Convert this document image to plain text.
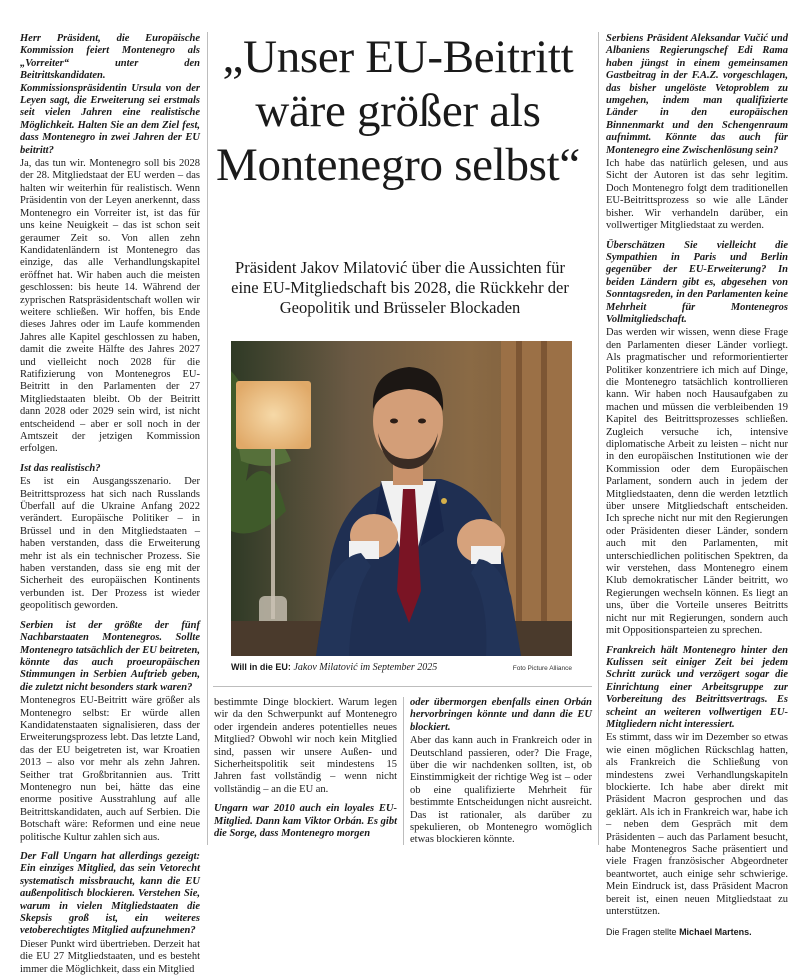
Herr Präsident, die Europäische Kommission feiert Montenegro als „Vorreiter“ unter den Beitrittskandidaten. Kommissionspräsidentin Ursula von der Leyen sagt, die Erweiterung sei erstmals seit vielen Jahren eine realistische Möglichkeit. Halten Sie an dem Ziel fest, dass Montenegro in zwei Jahren der EU beitritt?

Ja, das tun wir. Montenegro soll bis 2028 der 28. Mitgliedstaat der EU werden – das halten wir weiterhin für realistisch. Wenn Präsidentin von der Leyen anerkennt, dass Montenegro ein Vorreiter ist, ist das für uns keine Neuigkeit – das ist schon seit geraumer Zeit so. Von allen zehn Kandidatenländern ist Montenegro das einzige, das alle Verhandlungskapitel eröffnet hat. Wir haben auch die meisten geschlossen: bis heute 14. Während der zyprischen Ratspräsidentschaft wollen wir weitere schließen. Wir hoffen, bis Ende dieses Jahres oder im Laufe kommenden Jahres alle Kapitel geschlossen zu haben, damit die zweite Hälfte des Jahres 2027 und vielleicht noch 2028 für die Ratifizierung von Montenegros EU-Beitritt in den Parlamenten der 27 Mitgliedstaaten bleibt. Ob der Beitritt dann 2028 oder 2029 sein wird, ist nicht entscheidend – aber er soll noch in der Amtszeit der jetzigen Kommission erfolgen.

Ist das realistisch?

Es ist ein Ausgangsszenario. Der Beitrittsprozess hat sich nach Russlands Überfall auf die Ukraine Anfang 2022 verändert. Europäische Politiker – in Brüssel und in den Mitgliedstaaten – haben verstanden, dass die Erweiterung mehr ist als ein technischer Prozess. Sie haben verstanden, dass sie eng mit der Sicherheit des europäischen Kontinents verbunden ist. Der Prozess ist wieder geopolitisch geworden.

Serbien ist der größte der fünf Nachbarstaaten Montenegros. Sollte Montenegro tatsächlich der EU beitreten, könnte das auch proeuropäischen Stimmungen in Serbien Auftrieb geben, die zuletzt nicht besonders stark waren?

Montenegros EU-Beitritt wäre größer als Montenegro selbst: Er würde allen Kandidatenstaaten signalisieren, dass der Erweiterungsprozess lebt. Das letzte Land, das der EU beigetreten ist, war Kroatien 2013 – also vor mehr als zehn Jahren. Seither trat Großbritannien aus. Tritt Montenegro nun bei, hätte das eine enorme positive Ausstrahlung auf alle Beitrittskandidaten, auch auf Serbien. Die Botschaft wäre: Reformen und eine neue politische Kultur zahlen sich aus.

Der Fall Ungarn hat allerdings gezeigt: Ein einziges Mitglied, das sein Vetorecht systematisch missbraucht, kann die EU außenpolitisch blockieren. Verstehen Sie, warum in vielen Mitgliedstaaten die Skepsis groß ist, ein weiteres vetoberechtigtes Mitglied aufzunehmen?

Dieser Punkt wird übertrieben. Derzeit hat die EU 27 Mitgliedstaaten, und es besteht immer die Möglichkeit, dass ein Mitglied

„Unser EU-Beitritt wäre größer als Montenegro selbst“

Präsident Jakov Milatović über die Aussichten für eine EU-Mitgliedschaft bis 2028, die Rückkehr der Geopolitik und Brüsseler Blockaden

Will in die EU: Jakov Milatović im September 2025	Foto Picture Alliance

bestimmte Dinge blockiert. Warum legen wir da den Schwerpunkt auf Montenegro oder irgendein anderes potentielles neues Mitglied? Obwohl wir noch kein Mitglied sind, passen wir unsere Außen- und Sicherheitspolitik seit mindestens 15 Jahren fast vollständig – wenn nicht vollständig – an die EU an.

Ungarn war 2010 auch ein loyales EU-Mitglied. Dann kam Viktor Orbán. Es gibt die Sorge, dass Montenegro morgen

oder übermorgen ebenfalls einen Orbán hervorbringen könnte und dann die EU blockiert.

Aber das kann auch in Frankreich oder in Deutschland passieren, oder? Die Frage, über die wir nachdenken sollten, ist, ob Einstimmigkeit der richtige Weg ist – oder ob eine qualifizierte Mehrheit für bestimmte Entscheidungen nicht ausreicht. Das ist rationaler, als darüber zu spekulieren, ob Montenegro womöglich etwas blockieren könnte.

Serbiens Präsident Aleksandar Vučić und Albaniens Regierungschef Edi Rama haben jüngst in einem gemeinsamen Gastbeitrag in der F.A.Z. vorgeschlagen, das bisher ungelöste Vetoproblem zu umgehen, indem man qualifizierte Länder in den europäischen Binnenmarkt und den Schengenraum aufnimmt. Könnte das auch für Montenegro eine Zwischenlösung sein?

Ich habe das natürlich gelesen, und aus Sicht der Autoren ist das sehr legitim. Doch Montenegro folgt dem traditionellen EU-Beitrittsprozess so wie alle Länder bisher. Wir verhandeln darüber, ein vollwertiger Mitgliedstaat zu werden.

Überschätzen Sie vielleicht die Sympathien in Paris und Berlin gegenüber der EU-Erweiterung? In beiden Ländern gibt es, abgesehen von Sonntagsreden, in den Parlamenten keine Mehrheit für Montenegros Vollmitgliedschaft.

Das werden wir wissen, wenn diese Frage den Parlamenten dieser Länder vorliegt. Als pragmatischer und reformorientierter Politiker konzentriere ich mich auf Dinge, die Montenegro tatsächlich kontrollieren kann. Wir haben noch Hausaufgaben zu machen und müssen die verbleibenden 19 Kapitel des Beitrittsprozesses schließen. Zugleich versuche ich, intensive diplomatische Arbeit zu leisten – nicht nur in den europäischen Institutionen wie der Kommission oder dem Europäischen Parlament, sondern auch in jedem der Mitgliedstaaten, denn die werden letztlich über unsere Mitgliedschaft entscheiden. Ich spreche nicht nur mit den Regierungen oder Präsidenten dieser Länder, sondern auch mit den Parlamenten, mit unterschiedlichen politischen Spektren, da wir verstehen, dass Montenegro einem Klub demokratischer Länder beitritt, wo Regierungen wechseln können. Es liegt an uns, über die Vorteile unseres Beitritts nicht nur mit Regierungen, sondern auch mit Oppositionsparteien zu sprechen.

Frankreich hält Montenegro hinter den Kulissen seit einiger Zeit bei jedem Schritt zurück und verzögert sogar die Einrichtung einer Arbeitsgruppe zur Vorbereitung des Beitrittsvertrags. Es scheint an weiteren vollwertigen EU-Mitgliedern nicht interessiert.

Es stimmt, dass wir im Dezember so etwas wie einen möglichen Rückschlag hatten, als Frankreich die Schließung von mindestens zwei Verhandlungskapiteln blockierte. Ich habe aber direkt mit Präsident Macron gesprochen und das geklärt. Als ich in Frankreich war, habe ich – neben dem Gespräch mit dem Präsidenten – auch das Parlament besucht, habe Montenegros Sache präsentiert und viele Fragen französischer Abgeordneter beantwortet, auch einige sehr schwierige. Mein Eindruck ist, dass Präsident Macron bereit ist, einen neuen Mitgliedstaat zu unterstützen.

Die Fragen stellte Michael Martens.
